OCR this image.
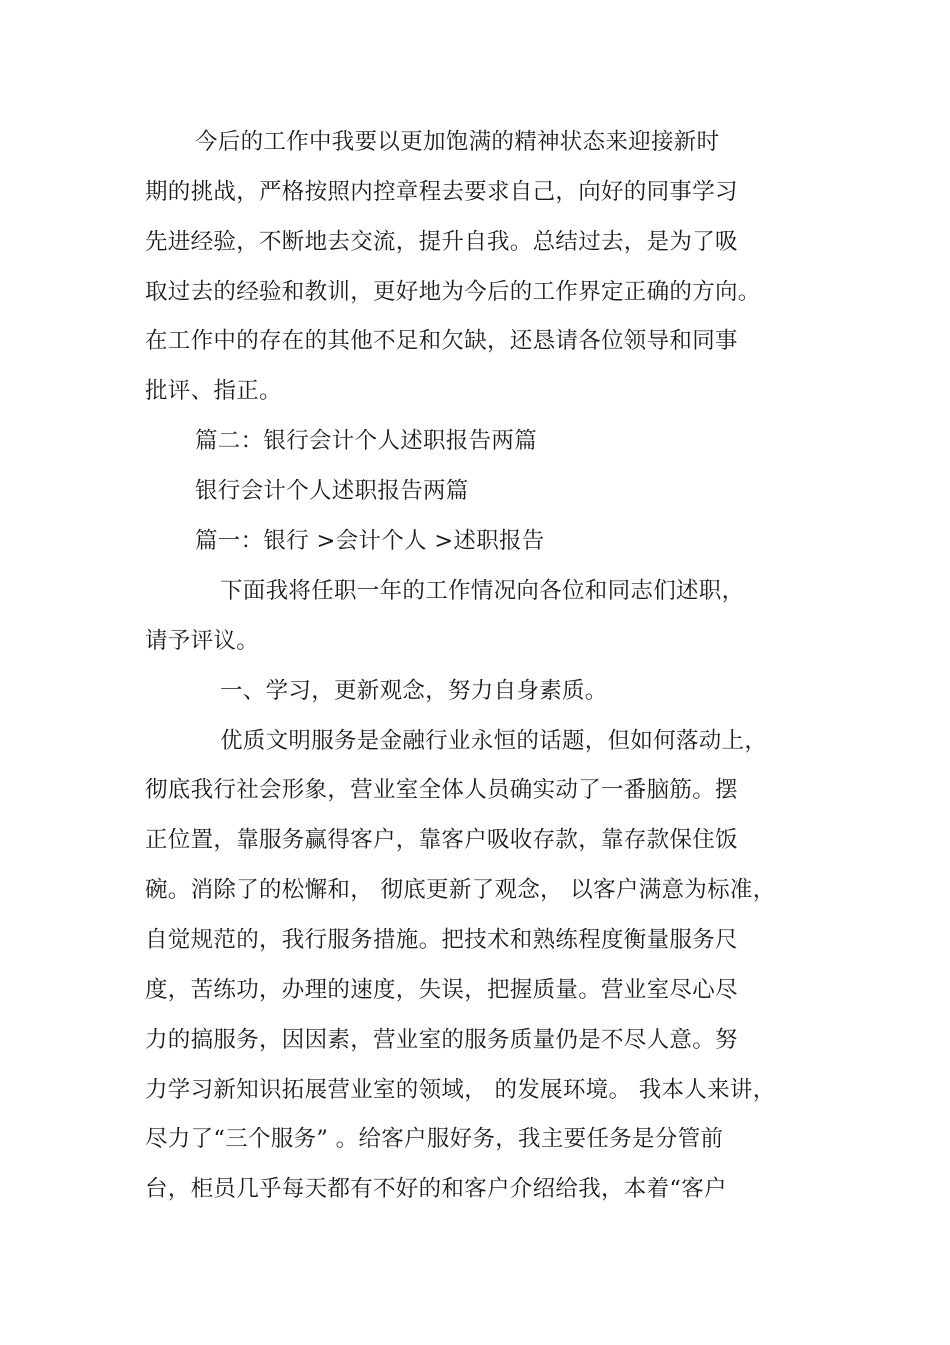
今后的工作中我要以更加饱满的精神状态来迎接新时
期的挑战，严格按照内控章程去要求自己，向好的同事学习
先进经验，不断地去交流，提升自我。总结过去，是为了吸
取过去的经验和教训，更好地为今后的工作界定正确的方向。
在工作中的存在的其他不足和欠缺，还恳请各位领导和同事
批评、指正。
篇二：银行会计个人述职报告两篇
银行会计个人述职报告两篇
篇一：银行 >会计个人 >述职报告
下面我将任职一年的工作情况向各位和同志们述职，
请予评议。
一、学习，更新观念，努力自身素质。
优质文明服务是金融行业永恒的话题，但如何落动上，
彻底我行社会形象，营业室全体人员确实动了一番脑筋。摆
正位置，靠服务赢得客户，靠客户吸收存款，靠存款保住饭
碗。消除了的松懈和， 彻底更新了观念， 以客户满意为标准，
自觉规范的，我行服务措施。把技术和熟练程度衡量服务尺
度，苦练功，办理的速度，失误，把握质量。营业室尽心尽
力的搞服务，因因素，营业室的服务质量仍是不尽人意。努
力学习新知识拓展营业室的领域， 的发展环境。 我本人来讲，
尽力了“三个服务” 。给客户服好务，我主要任务是分管前
台，柜员几乎每天都有不好的和客户介绍给我，本着“客户
